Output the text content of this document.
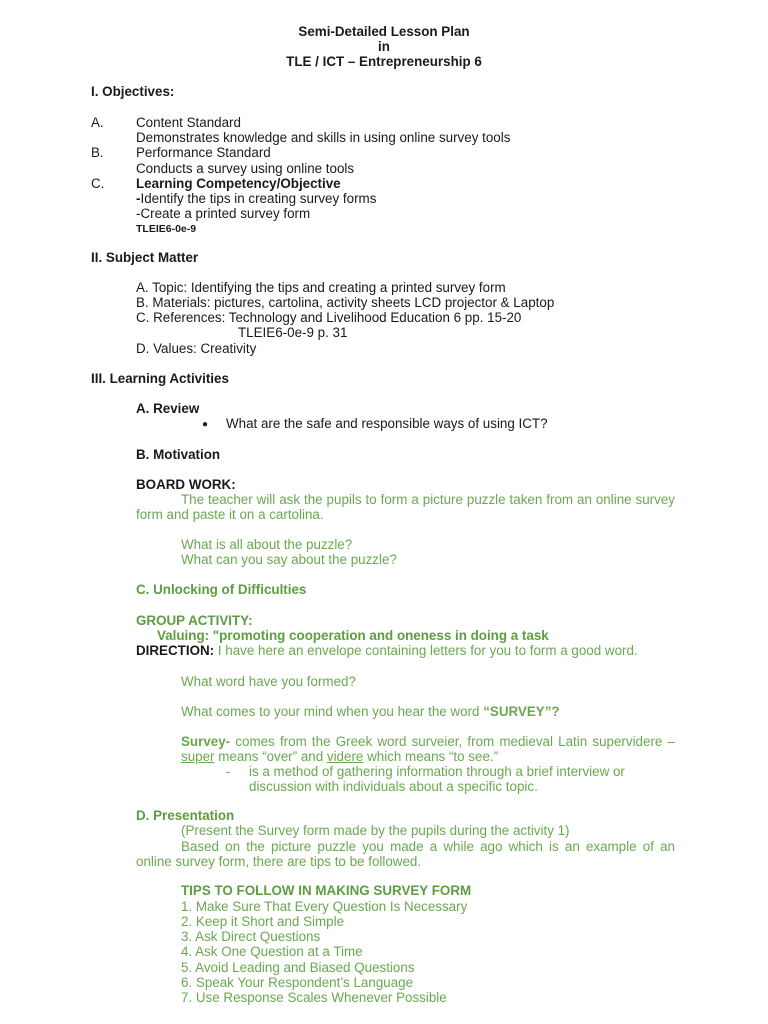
Semi-Detailed Lesson Plan
in
TLE / ICT – Entrepreneurship 6
I. Objectives:
A. Content Standard
Demonstrates knowledge and skills in using online survey tools
B. Performance Standard
Conducts a survey using online tools
C. Learning Competency/Objective
-Identify the tips in creating survey forms
-Create a printed survey form
TLEIE6-0e-9
II. Subject Matter
A. Topic: Identifying the tips and creating a printed survey form
B. Materials: pictures, cartolina, activity sheets LCD projector & Laptop
C. References: Technology and Livelihood Education 6 pp. 15-20
TLEIE6-0e-9 p. 31
D. Values: Creativity
III. Learning Activities
A. Review
● What are the safe and responsible ways of using ICT?
B. Motivation
BOARD WORK:
The teacher will ask the pupils to form a picture puzzle taken from an online survey form and paste it on a cartolina.
What is all about the puzzle?
What can you say about the puzzle?
C. Unlocking of Difficulties
GROUP ACTIVITY:
Valuing: "promoting cooperation and oneness in doing a task
DIRECTION: I have here an envelope containing letters for you to form a good word.
What word have you formed?
What comes to your mind when you hear the word “SURVEY”?
Survey- comes from the Greek word surveier, from medieval Latin supervidere – super means “over” and videre which means “to see.”
- is a method of gathering information through a brief interview or
discussion with individuals about a specific topic.
D. Presentation
(Present the Survey form made by the pupils during the activity 1)
Based on the picture puzzle you made a while ago which is an example of an online survey form, there are tips to be followed.
TIPS TO FOLLOW IN MAKING SURVEY FORM
1. Make Sure That Every Question Is Necessary
2. Keep it Short and Simple
3. Ask Direct Questions
4. Ask One Question at a Time
5. Avoid Leading and Biased Questions
6. Speak Your Respondent’s Language
7. Use Response Scales Whenever Possible
